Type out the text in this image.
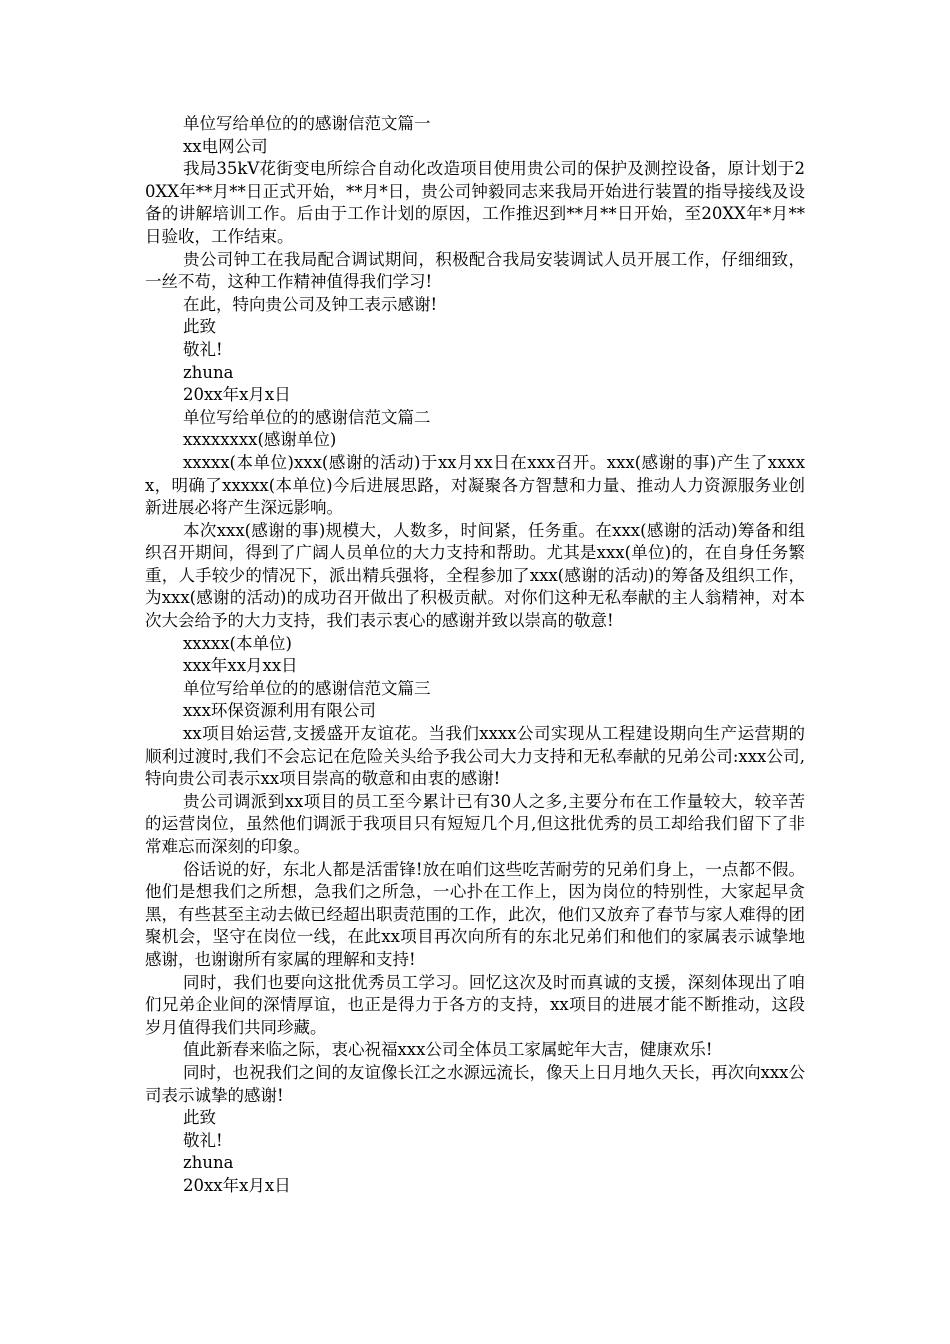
单位写给单位的的感谢信范文篇一

xx电网公司

我局35kV花街变电所综合自动化改造项目使用贵公司的保护及测控设备，原计划于20XX年**月**日正式开始，**月*日，贵公司钟毅同志来我局开始进行装置的指导接线及设备的讲解培训工作。后由于工作计划的原因，工作推迟到**月**日开始，至20XX年*月**日验收，工作结束。

贵公司钟工在我局配合调试期间，积极配合我局安装调试人员开展工作，仔细细致，一丝不苟，这种工作精神值得我们学习!

在此，特向贵公司及钟工表示感谢!

此致

敬礼!

zhuna

20xx年x月x日

单位写给单位的的感谢信范文篇二

xxxxxxxx(感谢单位)

xxxxx(本单位)xxx(感谢的活动)于xx月xx日在xxx召开。xxx(感谢的事)产生了xxxxx，明确了xxxxx(本单位)今后进展思路，对凝聚各方智慧和力量、推动人力资源服务业创新进展必将产生深远影响。

本次xxx(感谢的事)规模大，人数多，时间紧，任务重。在xxx(感谢的活动)筹备和组织召开期间，得到了广阔人员单位的大力支持和帮助。尤其是xxx(单位)的，在自身任务繁重，人手较少的情况下，派出精兵强将，全程参加了xxx(感谢的活动)的筹备及组织工作，为xxx(感谢的活动)的成功召开做出了积极贡献。对你们这种无私奉献的主人翁精神，对本次大会给予的大力支持，我们表示衷心的感谢并致以崇高的敬意!

xxxxx(本单位)

xxx年xx月xx日

单位写给单位的的感谢信范文篇三

xxx环保资源利用有限公司

xx项目始运营,支援盛开友谊花。当我们xxxx公司实现从工程建设期向生产运营期的顺利过渡时,我们不会忘记在危险关头给予我公司大力支持和无私奉献的兄弟公司:xxx公司,特向贵公司表示xx项目崇高的敬意和由衷的感谢!

贵公司调派到xx项目的员工至今累计已有30人之多,主要分布在工作量较大，较辛苦的运营岗位，虽然他们调派于我项目只有短短几个月,但这批优秀的员工却给我们留下了非常难忘而深刻的印象。

俗话说的好，东北人都是活雷锋!放在咱们这些吃苦耐劳的兄弟们身上，一点都不假。他们是想我们之所想，急我们之所急，一心扑在工作上，因为岗位的特别性，大家起早贪黑，有些甚至主动去做已经超出职责范围的工作，此次，他们又放弃了春节与家人难得的团聚机会，坚守在岗位一线，在此xx项目再次向所有的东北兄弟们和他们的家属表示诚挚地感谢，也谢谢所有家属的理解和支持!

同时，我们也要向这批优秀员工学习。回忆这次及时而真诚的支援，深刻体现出了咱们兄弟企业间的深情厚谊，也正是得力于各方的支持，xx项目的进展才能不断推动，这段岁月值得我们共同珍藏。

值此新春来临之际，衷心祝福xxx公司全体员工家属蛇年大吉，健康欢乐!

同时，也祝我们之间的友谊像长江之水源远流长，像天上日月地久天长，再次向xxx公司表示诚挚的感谢!

此致

敬礼!

zhuna

20xx年x月x日
